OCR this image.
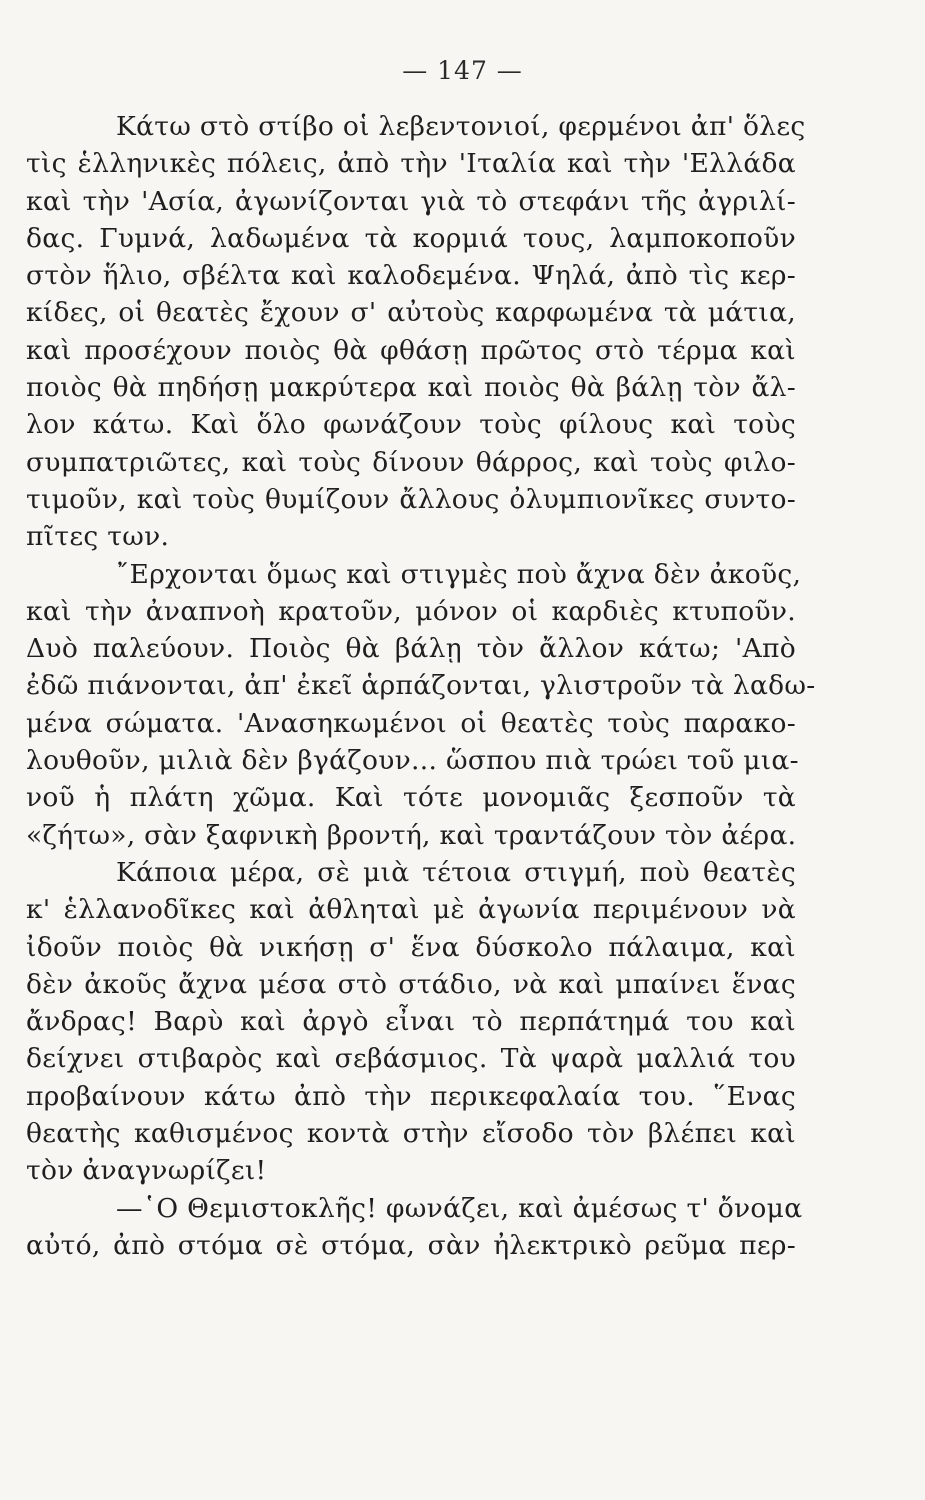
— 147 —
Κάτω στὸ στίβο οἱ λεβεντονιοί, φερμένοι ἀπ' ὅλες
τὶς ἑλληνικὲς πόλεις, ἀπὸ τὴν 'Ιταλία καὶ τὴν 'Ελλάδα
καὶ τὴν 'Ασία, ἀγωνίζονται γιὰ τὸ στεφάνι τῆς ἀγριλί-
δας. Γυμνά, λαδωμένα τὰ κορμιά τους, λαμποκοποῦν
στὸν ἥλιο, σβέλτα καὶ καλοδεμένα. Ψηλά, ἀπὸ τὶς κερ-
κίδες, οἱ θεατὲς ἔχουν σ' αὐτοὺς καρφωμένα τὰ μάτια,
καὶ προσέχουν ποιὸς θὰ φθάσῃ πρῶτος στὸ τέρμα καὶ
ποιὸς θὰ πηδήσῃ μακρύτερα καὶ ποιὸς θὰ βάλῃ τὸν ἄλ-
λον κάτω. Καὶ ὅλο φωνάζουν τοὺς φίλους καὶ τοὺς
συμπατριῶτες, καὶ τοὺς δίνουν θάρρος, καὶ τοὺς φιλο-
τιμοῦν, καὶ τοὺς θυμίζουν ἄλλους ὀλυμπιονῖκες συντο-
πῖτες των.
῎Ερχονται ὅμως καὶ στιγμὲς ποὺ ἄχνα δὲν ἀκοῦς,
καὶ τὴν ἀναπνοὴ κρατοῦν, μόνον οἱ καρδιὲς κτυποῦν.
Δυὸ παλεύουν. Ποιὸς θὰ βάλῃ τὸν ἄλλον κάτω; 'Απὸ
ἐδῶ πιάνονται, ἀπ' ἐκεῖ ἁρπάζονται, γλιστροῦν τὰ λαδω-
μένα σώματα. 'Ανασηκωμένοι οἱ θεατὲς τοὺς παρακο-
λουθοῦν, μιλιὰ δὲν βγάζουν... ὥσπου πιὰ τρώει τοῦ μια-
νοῦ ἡ πλάτη χῶμα. Καὶ τότε μονομιᾶς ξεσποῦν τὰ
«ζήτω», σὰν ξαφνικὴ βροντή, καὶ τραντάζουν τὸν ἀέρα.
Κάποια μέρα, σὲ μιὰ τέτοια στιγμή, ποὺ θεατὲς
κ' ἑλλανοδῖκες καὶ ἀθληταὶ μὲ ἀγωνία περιμένουν νὰ
ἰδοῦν ποιὸς θὰ νικήσῃ σ' ἕνα δύσκολο πάλαιμα, καὶ
δὲν ἀκοῦς ἄχνα μέσα στὸ στάδιο, νὰ καὶ μπαίνει ἕνας
ἄνδρας! Βαρὺ καὶ ἀργὸ εἶναι τὸ περπάτημά του καὶ
δείχνει στιβαρὸς καὶ σεβάσμιος. Τὰ ψαρὰ μαλλιά του
προβαίνουν κάτω ἀπὸ τὴν περικεφαλαία του. ῞Ενας
θεατὴς καθισμένος κοντὰ στὴν εἴσοδο τὸν βλέπει καὶ
τὸν ἀναγνωρίζει!
—῾Ο Θεμιστοκλῆς! φωνάζει, καὶ ἀμέσως τ' ὄνομα
αὐτό, ἀπὸ στόμα σὲ στόμα, σὰν ἠλεκτρικὸ ρεῦμα περ-
